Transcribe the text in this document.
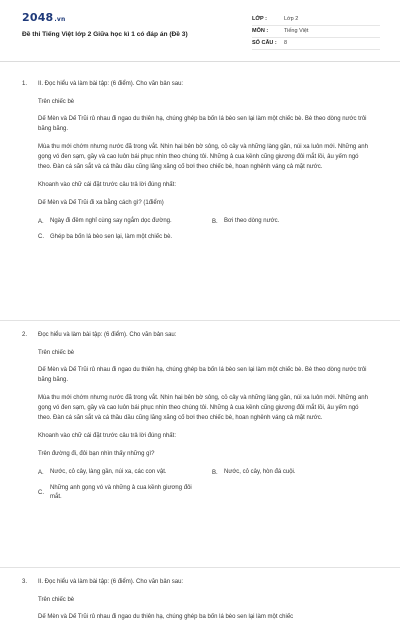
2048.vn
Đề thi Tiếng Việt lớp 2 Giữa học kì 1 có đáp án (Đề 3)
LỚP :	Lớp 2
MÔN :	Tiếng Việt
SỐ CÂU :	8
1. II. Đọc hiểu và làm bài tập: (6 điểm). Cho văn bản sau:

Trên chiếc bè

Dế Mèn và Dế Trũi rủ nhau đi ngao du thiên hạ, chúng ghép ba bốn lá bèo sen lại làm một chiếc bè. Bè theo dòng nước trôi băng băng.

Mùa thu mới chớm nhưng nước đã trong vắt. Nhìn hai bên bờ sông, cỏ cây và những làng gần, núi xa luôn mới. Những anh gọng vó đen sạm, gầy và cao luôn bái phục nhìn theo chúng tôi. Những ả cua kềnh cũng giương đôi mắt lồi, âu yếm ngó theo. Đàn cá săn sắt và cá thầu dầu cũng lăng xăng cố bơi theo chiếc bè, hoan nghênh váng cả mặt nước.

Khoanh vào chữ cái đặt trước câu trả lời đúng nhất:

Dế Mèn và Dế Trũi đi xa bằng cách gì? (1điểm)

A.	Ngày đi đêm nghỉ cùng say ngắm dọc đường.	B.	Bơi theo dòng nước.
C.	Ghép ba bốn lá bèo sen lại, làm một chiếc bè.
2. Đọc hiểu và làm bài tập: (6 điểm). Cho văn bản sau:

Trên chiếc bè

Dế Mèn và Dế Trũi rủ nhau đi ngao du thiên hạ, chúng ghép ba bốn lá bèo sen lại làm một chiếc bè. Bè theo dòng nước trôi băng băng.

Mùa thu mới chớm nhưng nước đã trong vắt. Nhìn hai bên bờ sông, cỏ cây và những làng gần, núi xa luôn mới. Những anh gọng vó đen sạm, gầy và cao luôn bái phục nhìn theo chúng tôi. Những ả cua kềnh cũng giương đôi mắt lồi, âu yếm ngó theo. Đàn cá săn sắt và cá thầu dầu cũng lăng xăng cố bơi theo chiếc bè, hoan nghênh váng cả mặt nước.

Khoanh vào chữ cái đặt trước câu trả lời đúng nhất:

Trên đường đi, đôi bạn nhìn thấy những gì?

A.	Nước, cỏ cây, làng gần, núi xa, các con vật.	B.	Nước, cỏ cây, hòn đá cuội.
C.
Những anh gọng vó và những ả cua kềnh giương đôi mắt.
3. II. Đọc hiểu và làm bài tập: (6 điểm). Cho văn bản sau:

Trên chiếc bè

Dế Mèn và Dế Trũi rủ nhau đi ngao du thiên hạ, chúng ghép ba bốn lá bèo sen lại làm một chiếc
